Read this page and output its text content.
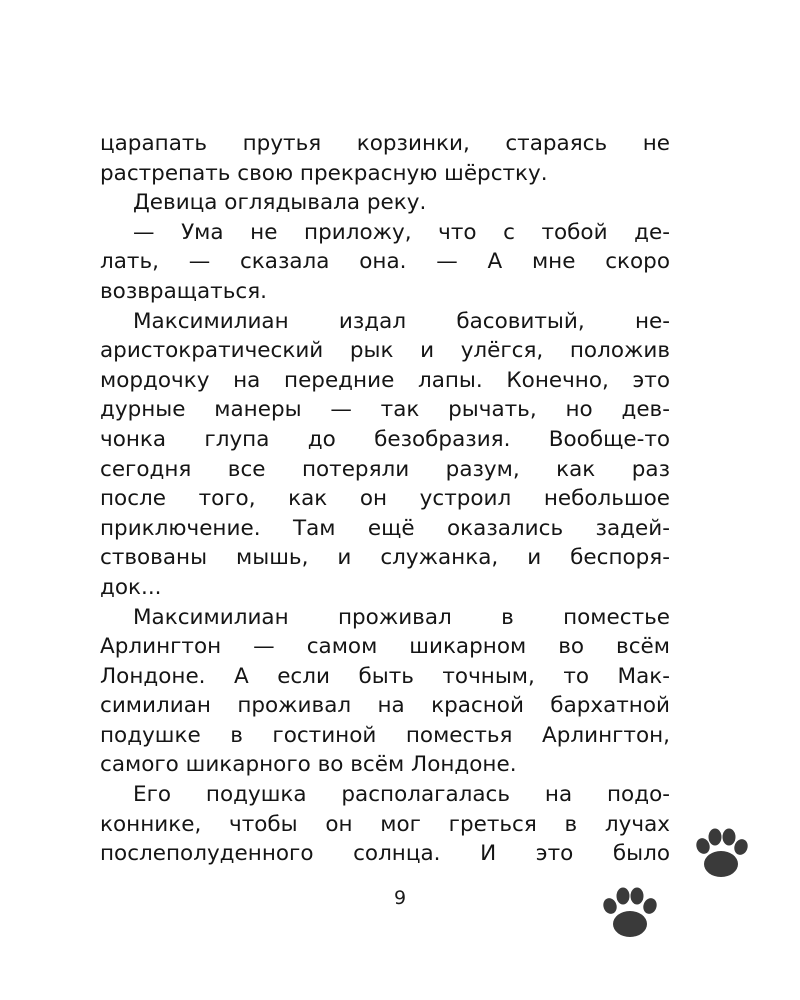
царапать прутья корзинки, стараясь не
растрепать свою прекрасную шёрстку.
Девица оглядывала реку.
— Ума не приложу, что с тобой де-
лать, — сказала она. — А мне скоро
возвращаться.
Максимилиан издал басовитый, не-
аристократический рык и улёгся, положив
мордочку на передние лапы. Конечно, это
дурные манеры — так рычать, но дев-
чонка глупа до безобразия. Вообще-то
сегодня все потеряли разум, как раз
после того, как он устроил небольшое
приключение. Там ещё оказались задей-
ствованы мышь, и служанка, и беспоря-
док...
Максимилиан проживал в поместье
Арлингтон — самом шикарном во всём
Лондоне. А если быть точным, то Мак-
симилиан проживал на красной бархатной
подушке в гостиной поместья Арлингтон,
самого шикарного во всём Лондоне.
Его подушка располагалась на подо-
коннике, чтобы он мог греться в лучах
послеполуденного солнца. И это было
9
